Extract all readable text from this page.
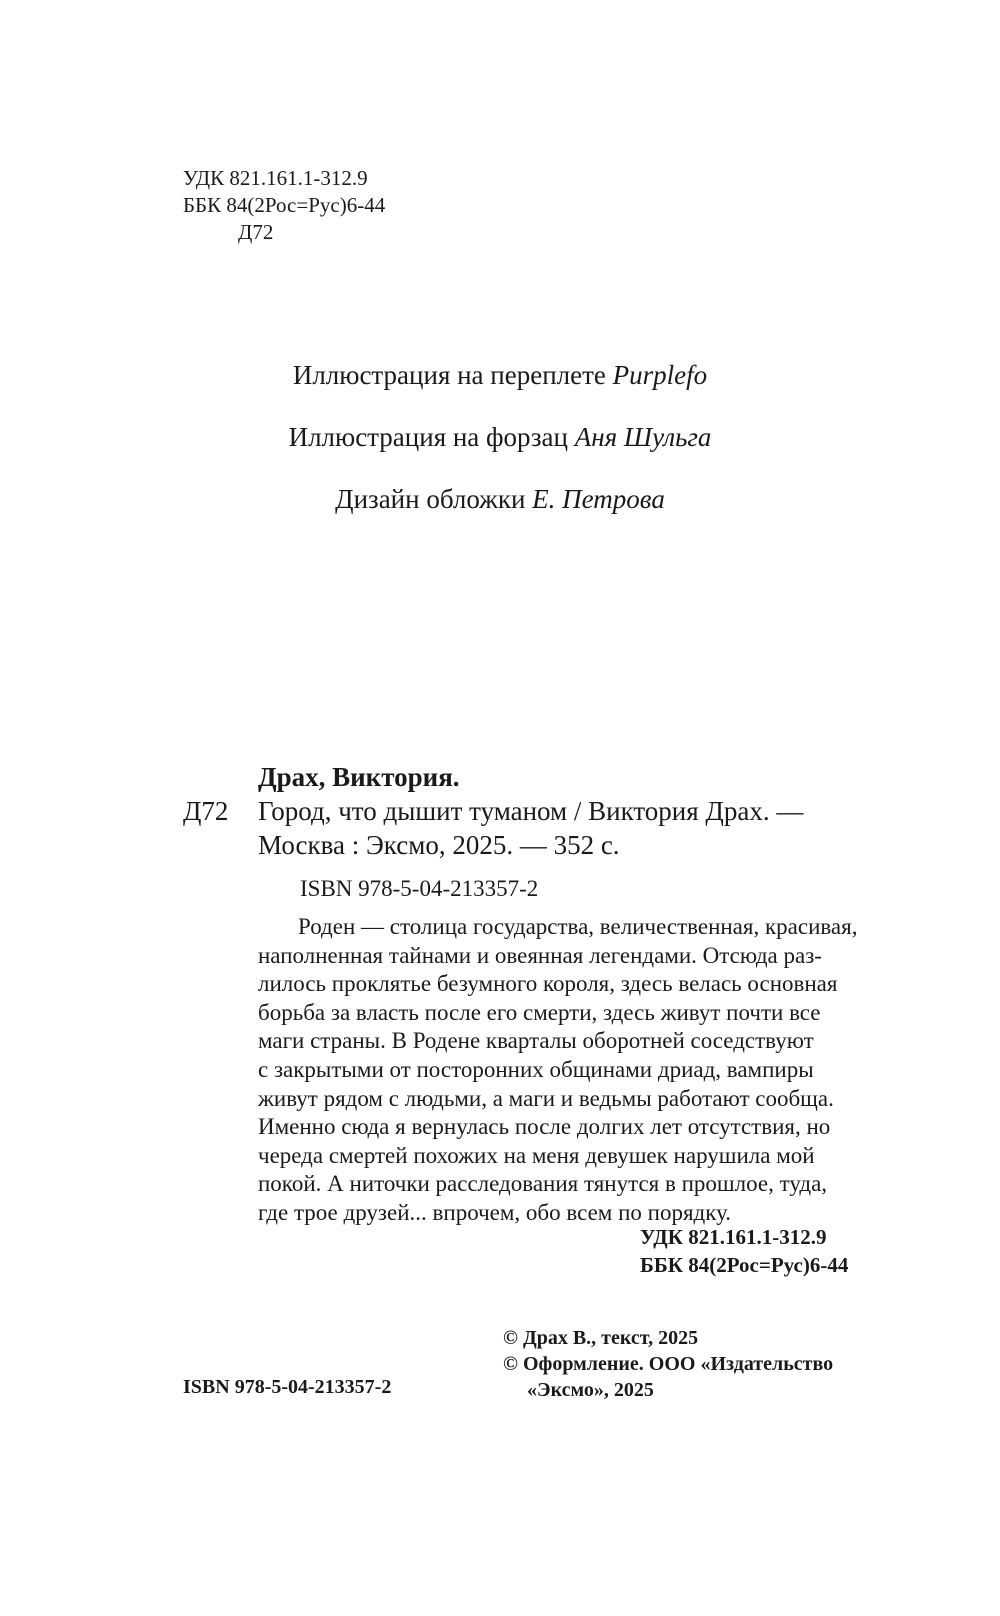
УДК 821.161.1-312.9
ББК 84(2Рос=Рус)6-44
Д72
Иллюстрация на переплете Purplefo
Иллюстрация на форзац Аня Шульга
Дизайн обложки Е. Петрова
Драх, Виктория.
Д72 Город, что дышит туманом / Виктория Драх. —
Москва : Эксмо, 2025. — 352 с.
ISBN 978-5-04-213357-2
Роден — столица государства, величественная, красивая,
наполненная тайнами и овеянная легендами. Отсюда раз-
лилось проклятье безумного короля, здесь велась основная
борьба за власть после его смерти, здесь живут почти все
маги страны. В Родене кварталы оборотней соседствуют
с закрытыми от посторонних общинами дриад, вампиры
живут рядом с людьми, а маги и ведьмы работают сообща.
Именно сюда я вернулась после долгих лет отсутствия, но
череда смертей похожих на меня девушек нарушила мой
покой. А ниточки расследования тянутся в прошлое, туда,
где трое друзей... впрочем, обо всем по порядку.
УДК 821.161.1-312.9
ББК 84(2Рос=Рус)6-44
© Драх В., текст, 2025
© Оформление. ООО «Издательство
«Эксмо», 2025
ISBN 978-5-04-213357-2
